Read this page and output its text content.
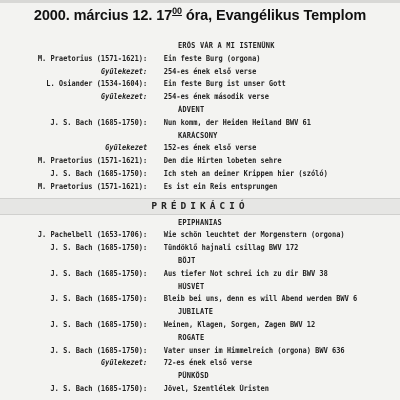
2000. március 12. $17^{00}$ óra, Evangélikus Templom
ERŐS VÁR A MI ISTENÜNK
M. Praetorius (1571-1621): Ein feste Burg (orgona)
Gyülekezet: 254-es ének első verse
L. Osiander (1534-1604): Ein feste Burg ist unser Gott
Gyülekezet: 254-es ének második verse
ÁDVENT
J. S. Bach (1685-1750): Nun komm, der Heiden Heiland BWV 61
KARÁCSONY
Gyülekezet 152-es ének első verse
M. Praetorius (1571-1621): Den die Hirten lobeten sehre
J. S. Bach (1685-1750): Ich steh an deiner Krippen hier (szóló)
M. Praetorius (1571-1621): Es ist ein Reis entsprungen
PRÉDIKÁCIÓ
EPIPHANIAS
J. Pachelbell (1653-1706): Wie schön leuchtet der Morgenstern (orgona)
J. S. Bach (1685-1750): Tündöklő hajnali csillag BWV 172
BÖJT
J. S. Bach (1685-1750): Aus tiefer Not schrei ich zu dir BWV 38
HÚSVÉT
J. S. Bach (1685-1750): Bleib bei uns, denn es will Abend werden BWV 6
JUBILATE
J. S. Bach (1685-1750): Weinen, Klagen, Sorgen, Zagen BWV 12
ROGATE
J. S. Bach (1685-1750): Vater unser im Himmelreich (orgona) BWV 636
Gyülekezet: 72-es ének első verse
PÜNKÖSD
J. S. Bach (1685-1750): Jövel, Szentlélek Úristen
